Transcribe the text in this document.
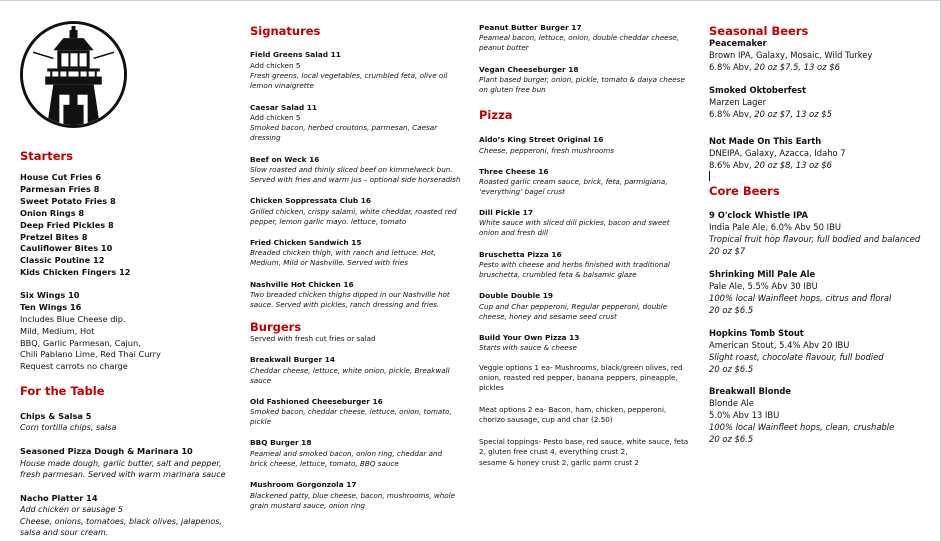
Starters
House Cut Fries 6
Parmesan Fries 8
Sweet Potato Fries 8
Onion Rings 8
Deep Fried Pickles 8
Pretzel Bites 8
Cauliflower Bites 10
Classic Poutine 12
Kids Chicken Fingers 12
Six Wings 10
Ten Wings 16
Includes Blue Cheese dip.
Mild, Medium, Hot
BBQ, Garlic Parmesan, Cajun,
Chili Pablano Lime, Red Thai Curry
Request carrots no charge
For the Table
Chips & Salsa 5
Corn tortilla chips, salsa
Seasoned Pizza Dough & Marinara 10
House made dough, garlic butter, salt and pepper, fresh parmesan. Served with warm marinara sauce
Nacho Platter 14
Add chicken or sausage 5
Cheese, onions, tomatoes, black olives, jalapenos, salsa and sour cream.
Signatures
Field Greens Salad 11
Add chicken 5
Fresh greens, local vegetables, crumbled feta, olive oil lemon vinaigrette
Caesar Salad 11
Add chicken 5
Smoked bacon, herbed croutons, parmesan, Caesar dressing
Beef on Weck 16
Slow roasted and thinly sliced beef on kimmelweck bun. Served with fries and warm jus – optional side horseradish
Chicken Soppressata Club 16
Grilled chicken, crispy salami, white cheddar, roasted red pepper, lemon garlic mayo. lettuce, tomato
Fried Chicken Sandwich 15
Breaded chicken thigh, with ranch and lettuce. Hot, Medium, Mild or Nashville. Served with fries
Nashville Hot Chicken 16
Two breaded chicken thighs dipped in our Nashville hot sauce. Served with pickles, ranch dressing and fries.
Burgers
Served with fresh cut fries or salad
Breakwall Burger 14
Cheddar cheese, lettuce, white onion, pickle, Breakwall sauce
Old Fashioned Cheeseburger 16
Smoked bacon, cheddar cheese, lettuce, onion, tomato, pickle
BBQ Burger 18
Peameal and smoked bacon, onion ring, cheddar and brick cheese, lettuce, tomato, BBQ sauce
Mushroom Gorgonzola 17
Blackened patty, blue cheese, bacon, mushrooms, whole grain mustard sauce, onion ring
Peanut Butter Burger 17
Peameal bacon, lettuce, onion, double cheddar cheese, peanut butter
Vegan Cheeseburger 18
Plant based burger, onion, pickle, tomato & daiya cheese on gluten free bun
Pizza
Aldo’s King Street Original 16
Cheese, pepperoni, fresh mushrooms
Three Cheese 16
Roasted garlic cream sauce, brick, feta, parmigiana, ‘everything’ bagel crust
Dill Pickle 17
White sauce with sliced dill pickles, bacon and sweet onion and fresh dill
Bruschetta Pizza 16
Pesto with cheese and herbs finished with traditional bruschetta, crumbled feta & balsamic glaze
Double Double 19
Cup and Char pepperoni, Regular pepperoni, double cheese, honey and sesame seed crust
Build Your Own Pizza 13
Starts with sauce & cheese
Veggie options 1 ea- Mushrooms, black/green olives, red onion, roasted red pepper, banana peppers, pineapple, pickles
Meat options 2 ea- Bacon, ham, chicken, pepperoni, chorizo sausage, cup and char (2.50)
Special toppings- Pesto base, red sauce, white sauce, feta 2, gluten free crust 4, everything crust 2,
sesame & honey crust 2, garlic parm crust 2
Seasonal Beers
Peacemaker
Brown IPA, Galaxy, Mosaic, Wild Turkey
6.8% Abv, 20 oz $7.5, 13 oz $6
Smoked Oktoberfest
Marzen Lager
6.8% Abv, 20 oz $7, 13 oz $5
Not Made On This Earth
DNEIPA, Galaxy, Azacca, Idaho 7
8.6% Abv, 20 oz $8, 13 oz $6
Core Beers
9 O'clock Whistle IPA
India Pale Ale, 6.0% Abv 50 IBU
Tropical fruit hop flavour, full bodied and balanced
20 oz $7
Shrinking Mill Pale Ale
Pale Ale, 5.5% Abv 30 IBU
100% local Wainfleet hops, citrus and floral
20 oz $6.5
Hopkins Tomb Stout
American Stout, 5.4% Abv 20 IBU
Slight roast, chocolate flavour, full bodied
20 oz $6.5
Breakwall Blonde
Blonde Ale
5.0% Abv 13 IBU
100% local Wainfleet hops, clean, crushable
20 oz $6.5
